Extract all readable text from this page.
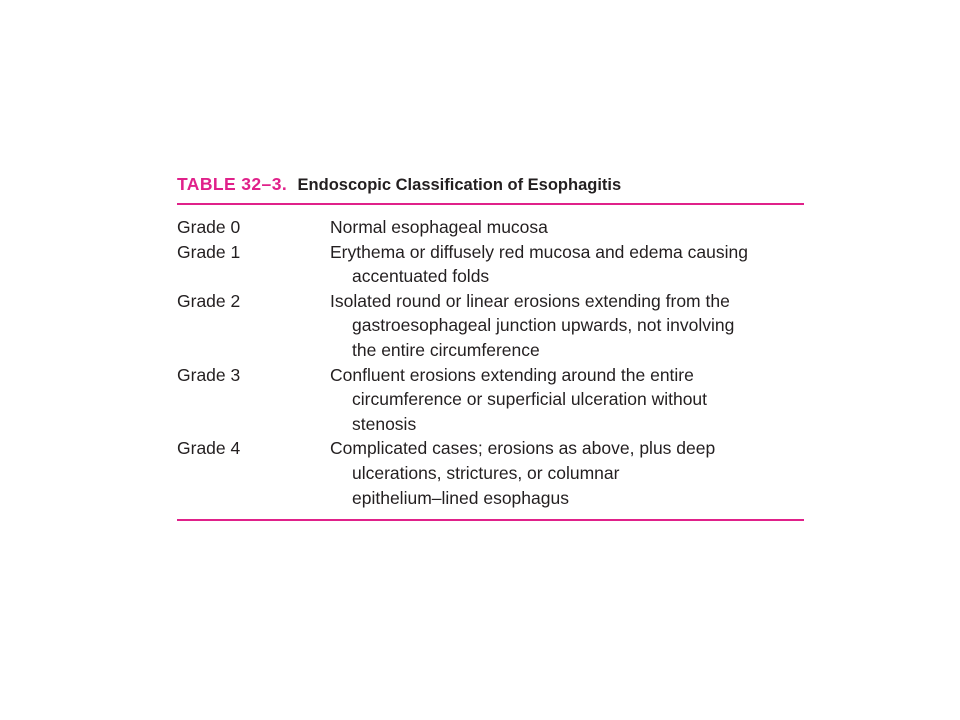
TABLE 32–3. Endoscopic Classification of Esophagitis
Grade 0	Normal esophageal mucosa
Grade 1	Erythema or diffusely red mucosa and edema causing
accentuated folds
Grade 2	Isolated round or linear erosions extending from the
gastroesophageal junction upwards, not involving
the entire circumference
Grade 3	Confluent erosions extending around the entire
circumference or superficial ulceration without
stenosis
Grade 4	Complicated cases; erosions as above, plus deep
ulcerations, strictures, or columnar
epithelium–lined esophagus
